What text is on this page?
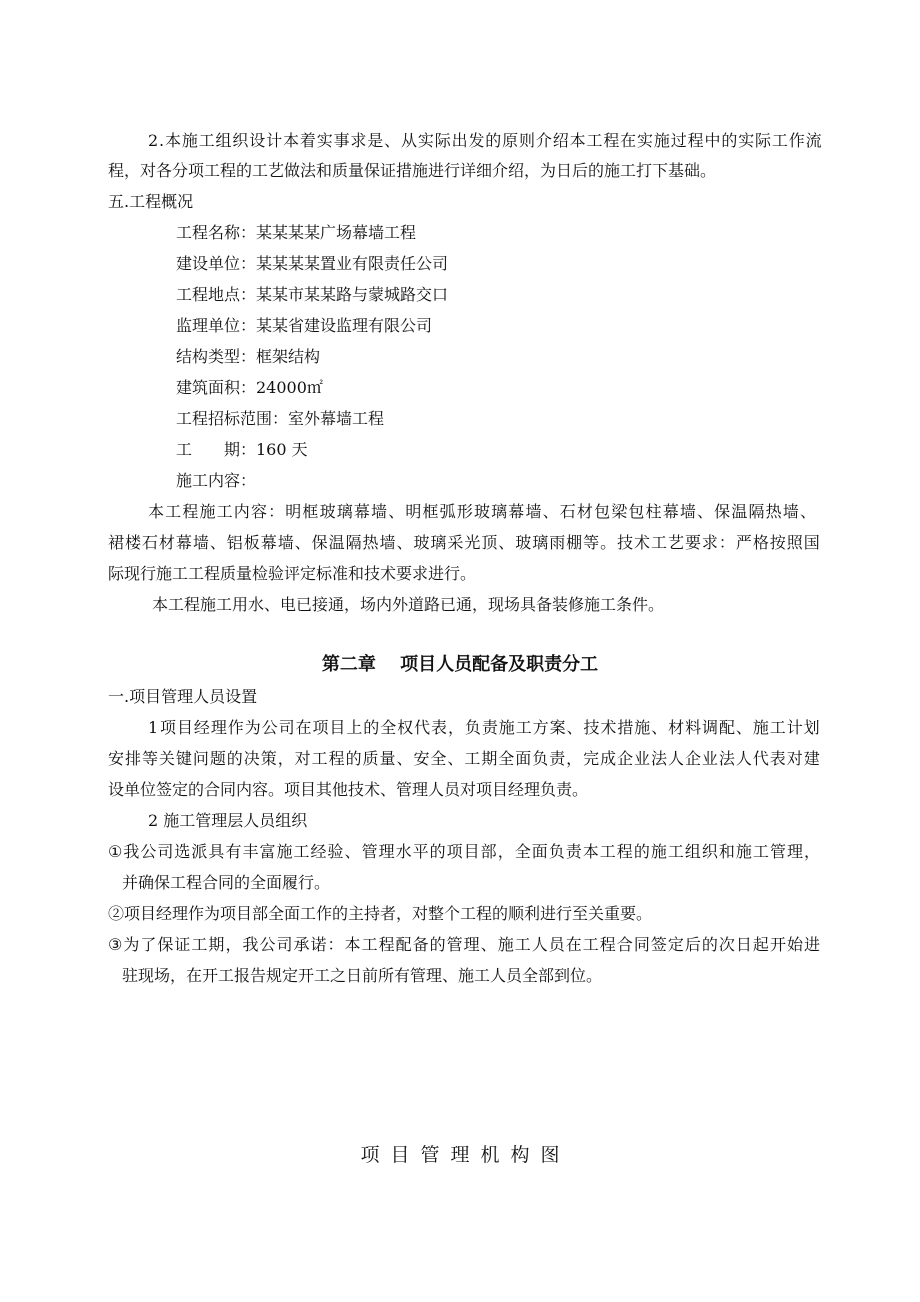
2 . 本 施 工 组 织 设 计 本 着 实 事 求 是 、 从 实 际 出 发 的 原 则 介 绍 本 工 程 在 实 施 过 程 中 的 实 际 工 作 流
程，对各分项工程的工艺做法和质量保证措施进行详细介绍，为日后的施工打下基础。
五.工程概况
工程名称：某某某某广场幕墙工程
建设单位：某某某某置业有限责任公司
工程地点：某某市某某路与蒙城路交口
监理单位：某某省建设监理有限公司
结构类型：框架结构
建筑面积：24000㎡
工程招标范围：室外幕墙工程
工　　期：160 天
施工内容：
本 工 程 施 工 内 容 ： 明 框 玻 璃 幕 墙 、 明 框 弧 形 玻 璃 幕 墙 、 石 材 包 梁 包 柱 幕 墙 、 保 温 隔 热 墙 、
裙 楼 石 材 幕 墙 、 铝 板 幕 墙 、 保 温 隔 热 墙 、 玻 璃 采 光 顶 、 玻 璃 雨 棚 等 。 技 术 工 艺 要 求 ： 严 格 按 照 国
际现行施工工程质量检验评定标准和技术要求进行。
本工程施工用水、电已接通，场内外道路已通，现场具备装修施工条件。
第二章　 项目人员配备及职责分工
一.项目管理人员设置
1 项 目 经 理 作 为 公 司 在 项 目 上 的 全 权 代 表 ， 负 责 施 工 方 案 、 技 术 措 施 、 材 料 调 配 、 施 工 计 划
安 排 等 关 键 问 题 的 决 策 ， 对 工 程 的 质 量 、 安 全 、 工 期 全 面 负 责 ， 完 成 企 业 法 人 企 业 法 人 代 表 对 建
设单位签定的合同内容。项目其他技术、管理人员对项目经理负责。
2 施工管理层人员组织
① 我 公 司 选 派 具 有 丰 富 施 工 经 验 、 管 理 水 平 的 项 目 部 ， 全 面 负 责 本 工 程 的 施 工 组 织 和 施 工 管 理 ，
并确保工程合同的全面履行。
②项目经理作为项目部全面工作的主持者，对整个工程的顺利进行至关重要。
③ 为 了 保 证 工 期 ， 我 公 司 承 诺 ： 本 工 程 配 备 的 管 理 、 施 工 人 员 在 工 程 合 同 签 定 后 的 次 日 起 开 始 进
驻现场，在开工报告规定开工之日前所有管理、施工人员全部到位。
项目管理机构图
